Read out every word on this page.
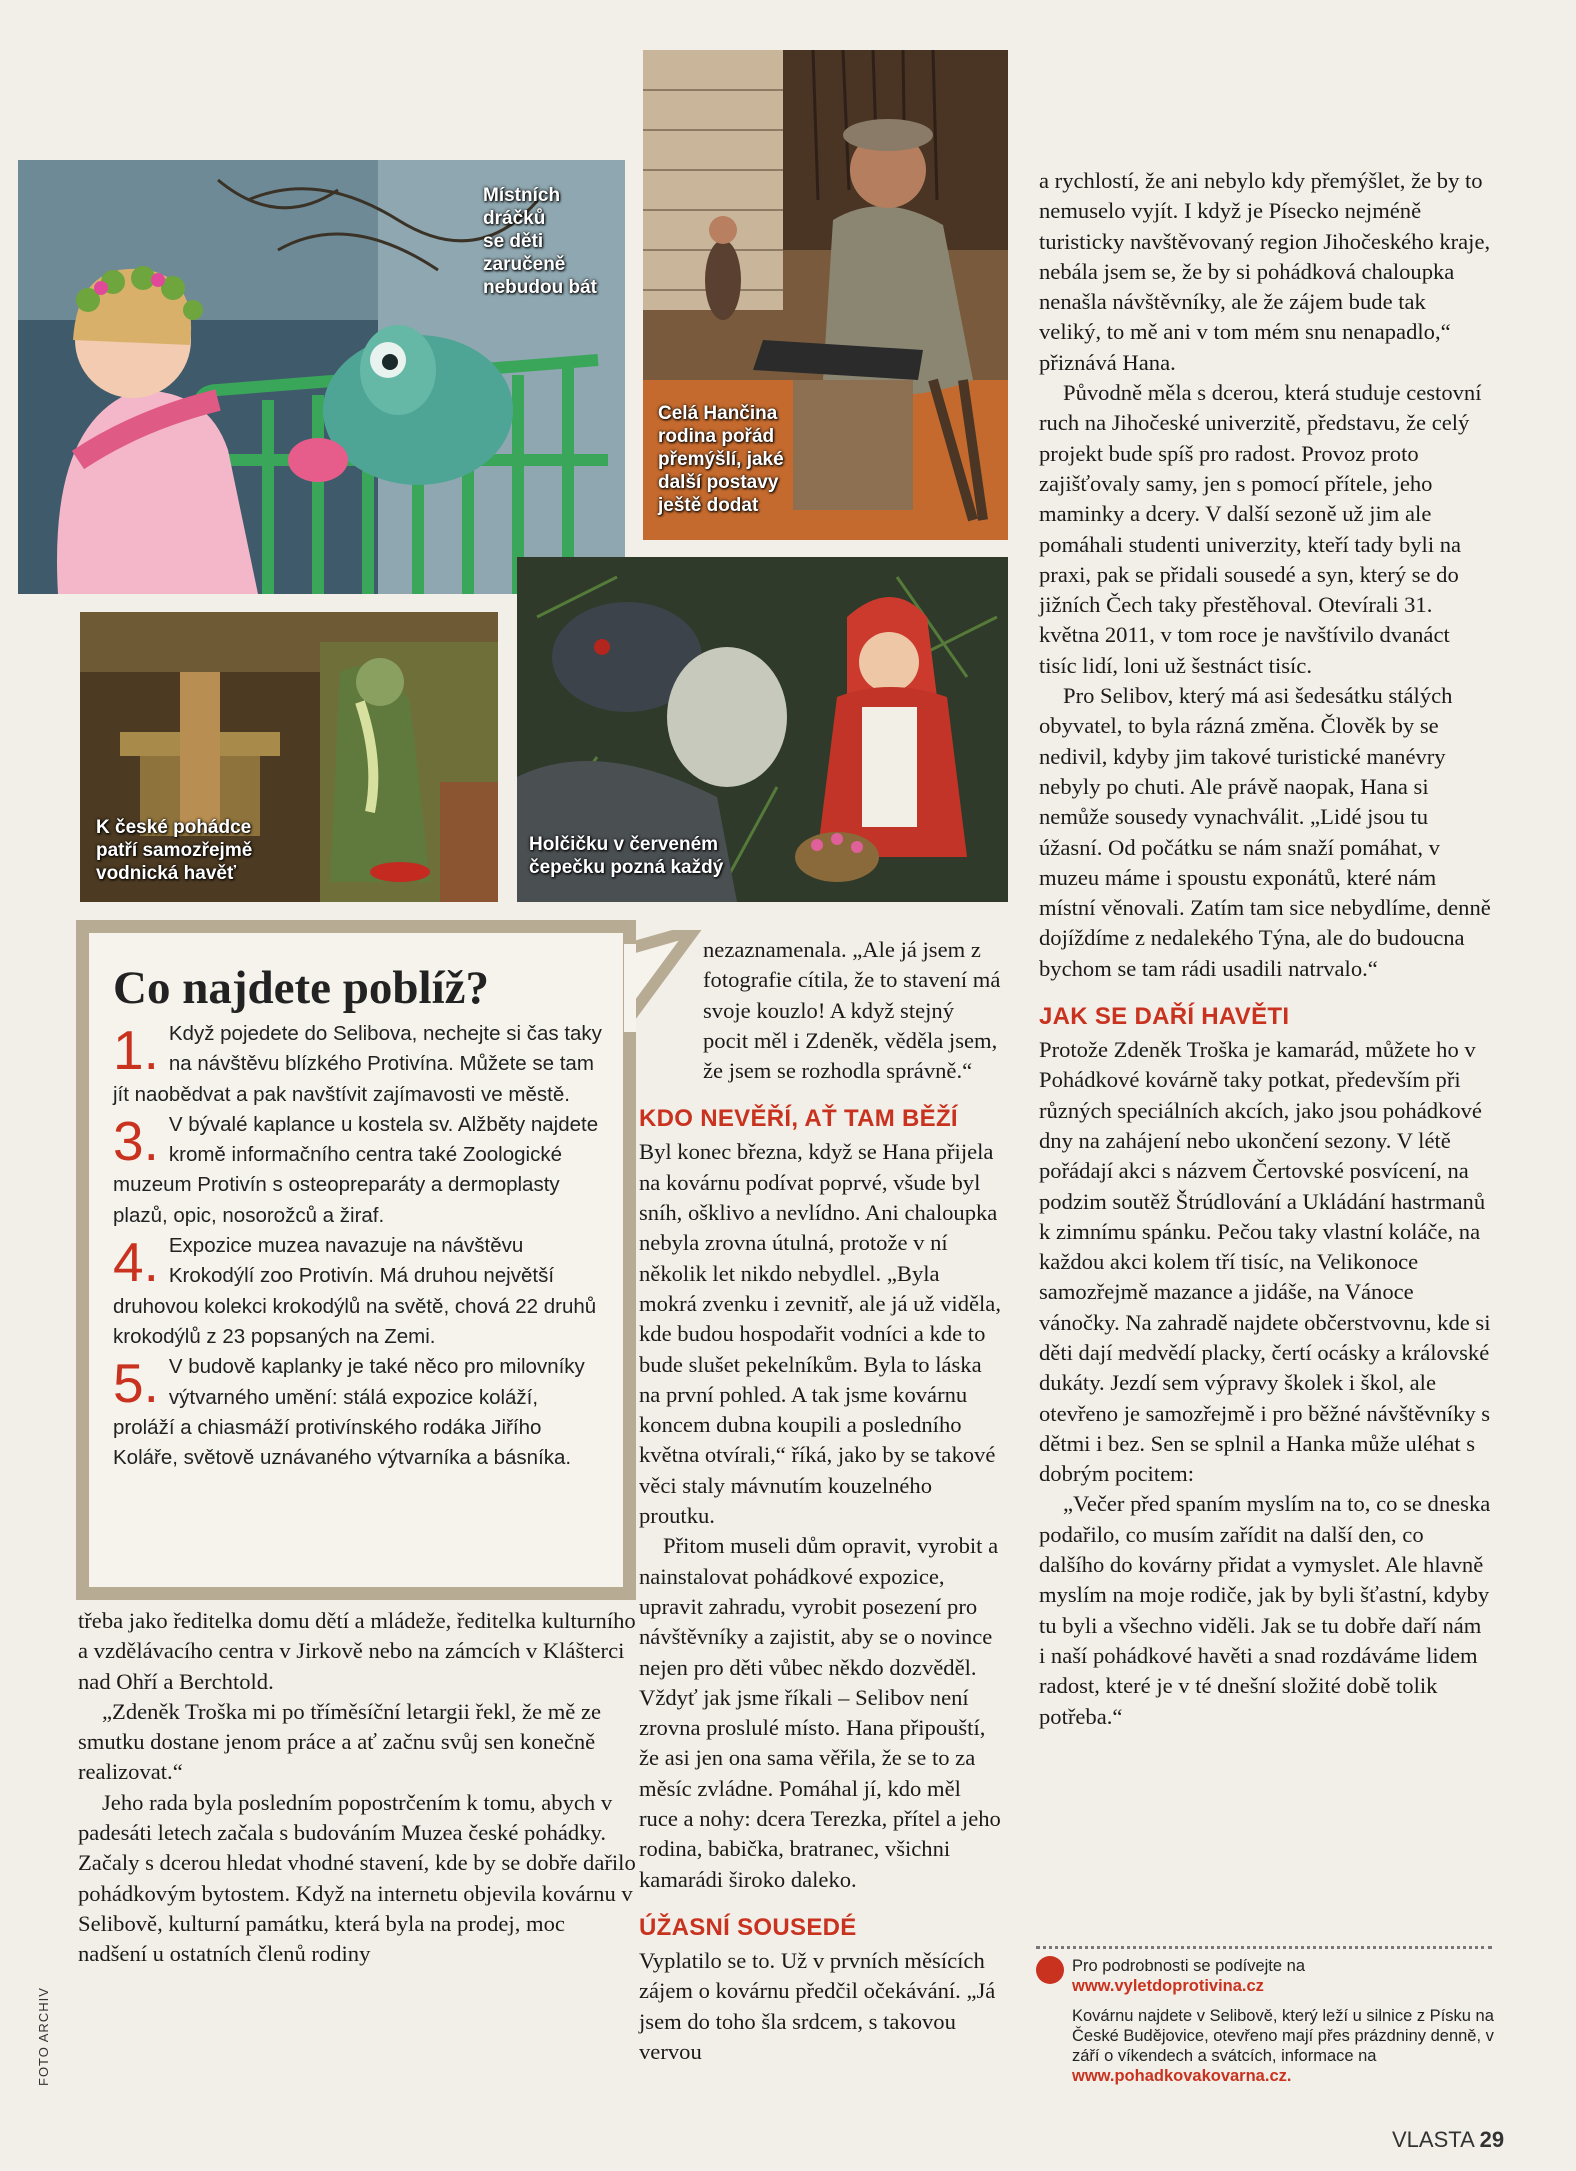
Místních
dráčků
se děti
zaručeně
nebudou bát
Celá Hančina
rodina pořád
přemýšlí, jaké
další postavy
ještě dodat
K české pohádce
patří samozřejmě
vodnická havěť
Holčičku v červeném
čepečku pozná každý
Co najdete poblíž?
1. Když pojedete do Selibova, nechejte si čas taky na návštěvu blízkého Protivína. Můžete se tam jít naobědvat a pak navštívit zajímavosti ve městě.

3. V bývalé kaplance u kostela sv. Alžběty najdete kromě informačního centra také Zoologické muzeum Protivín s osteopreparáty a dermoplasty plazů, opic, nosorožců a žiraf.

4. Expozice muzea navazuje na návštěvu Krokodýlí zoo Protivín. Má druhou největší druhovou kolekci krokodýlů na světě, chová 22 druhů krokodýlů z 23 popsaných na Zemi.

5. V budově kaplanky je také něco pro milovníky výtvarného umění: stálá expozice koláží, proláží a chiasmáží protivínského rodáka Jiřího Koláře, světově uznávaného výtvarníka a básníka.

třeba jako ředitelka domu dětí a mládeže, ředitelka kulturního a vzdělávacího centra v Jirkově nebo na zámcích v Klášterci nad Ohří a Berchtold.

„Zdeněk Troška mi po tříměsíční letargii řekl, že mě ze smutku dostane jenom práce a ať začnu svůj sen konečně realizovat.“

Jeho rada byla posledním popostrčením k tomu, abych v padesáti letech začala s budováním Muzea české pohádky. Začaly s dcerou hledat vhodné stavení, kde by se dobře dařilo pohádkovým bytostem. Když na internetu objevila kovárnu v Selibově, kulturní památku, která byla na prodej, moc nadšení u ostatních členů rodiny

nezaznamenala. „Ale já jsem z fotografie cítila, že to stavení má svoje kouzlo! A když stejný pocit měl i Zdeněk, věděla jsem, že jsem se rozhodla správně.“

KDO NEVĚŘÍ, AŤ TAM BĚŽÍ

Byl konec března, když se Hana přijela na kovárnu podívat poprvé, všude byl sníh, ošklivo a nevlídno. Ani chaloupka nebyla zrovna útulná, protože v ní několik let nikdo nebydlel. „Byla mokrá zvenku i zevnitř, ale já už viděla, kde budou hospodařit vodníci a kde to bude slušet pekelníkům. Byla to láska na první pohled. A tak jsme kovárnu koncem dubna koupili a posledního května otvírali,“ říká, jako by se takové věci staly mávnutím kouzelného proutku.

Přitom museli dům opravit, vyrobit a nainstalovat pohádkové expozice, upravit zahradu, vyrobit posezení pro návštěvníky a zajistit, aby se o novince nejen pro děti vůbec někdo dozvěděl. Vždyť jak jsme říkali – Selibov není zrovna proslulé místo. Hana připouští, že asi jen ona sama věřila, že se to za měsíc zvládne. Pomáhal jí, kdo měl ruce a nohy: dcera Terezka, přítel a jeho rodina, babička, bratranec, všichni kamarádi široko daleko.

ÚŽASNÍ SOUSEDÉ

Vyplatilo se to. Už v prvních měsících zájem o kovárnu předčil očekávání. „Já jsem do toho šla srdcem, s takovou vervou

a rychlostí, že ani nebylo kdy přemýšlet, že by to nemuselo vyjít. I když je Písecko nejméně turisticky navštěvovaný region Jihočeského kraje, nebála jsem se, že by si pohádková chaloupka nenašla návštěvníky, ale že zájem bude tak veliký, to mě ani v tom mém snu nenapadlo,“ přiznává Hana.

Původně měla s dcerou, která studuje cestovní ruch na Jihočeské univerzitě, představu, že celý projekt bude spíš pro radost. Provoz proto zajišťovaly samy, jen s pomocí přítele, jeho maminky a dcery. V další sezoně už jim ale pomáhali studenti univerzity, kteří tady byli na praxi, pak se přidali sousedé a syn, který se do jižních Čech taky přestěhoval. Otevírali 31. května 2011, v tom roce je navštívilo dvanáct tisíc lidí, loni už šestnáct tisíc.

Pro Selibov, který má asi šedesátku stálých obyvatel, to byla rázná změna. Člověk by se nedivil, kdyby jim takové turistické manévry nebyly po chuti. Ale právě naopak, Hana si nemůže sousedy vynachválit. „Lidé jsou tu úžasní. Od počátku se nám snaží pomáhat, v muzeu máme i spoustu exponátů, které nám místní věnovali. Zatím tam sice nebydlíme, denně dojíždíme z nedalekého Týna, ale do budoucna bychom se tam rádi usadili natrvalo.“

JAK SE DAŘÍ HAVĚTI

Protože Zdeněk Troška je kamarád, můžete ho v Pohádkové kovárně taky potkat, především při různých speciálních akcích, jako jsou pohádkové dny na zahájení nebo ukončení sezony. V létě pořádají akci s názvem Čertovské posvícení, na podzim soutěž Štrúdlování a Ukládání hastrmanů k zimnímu spánku. Pečou taky vlastní koláče, na každou akci kolem tří tisíc, na Velikonoce samozřejmě mazance a jidáše, na Vánoce vánočky. Na zahradě najdete občerstvovnu, kde si děti dají medvědí placky, čertí ocásky a královské dukáty. Jezdí sem výpravy školek i škol, ale otevřeno je samozřejmě i pro běžné návštěvníky s dětmi i bez. Sen se splnil a Hanka může uléhat s dobrým pocitem:

„Večer před spaním myslím na to, co se dneska podařilo, co musím zařídit na další den, co dalšího do kovárny přidat a vymyslet. Ale hlavně myslím na moje rodiče, jak by byli šťastní, kdyby tu byli a všechno viděli. Jak se tu dobře daří nám i naší pohádkové havěti a snad rozdáváme lidem radost, které je v té dnešní složité době tolik potřeba.“

Pro podrobnosti se podívejte na www.vyletdoprotivina.cz
Kovárnu najdete v Selibově, který leží u silnice z Písku na České Budějovice, otevřeno mají přes prázdniny denně, v září o víkendech a svátcích, informace na www.pohadkovakovarna.cz.
FOTO ARCHIV
VLASTA 29
